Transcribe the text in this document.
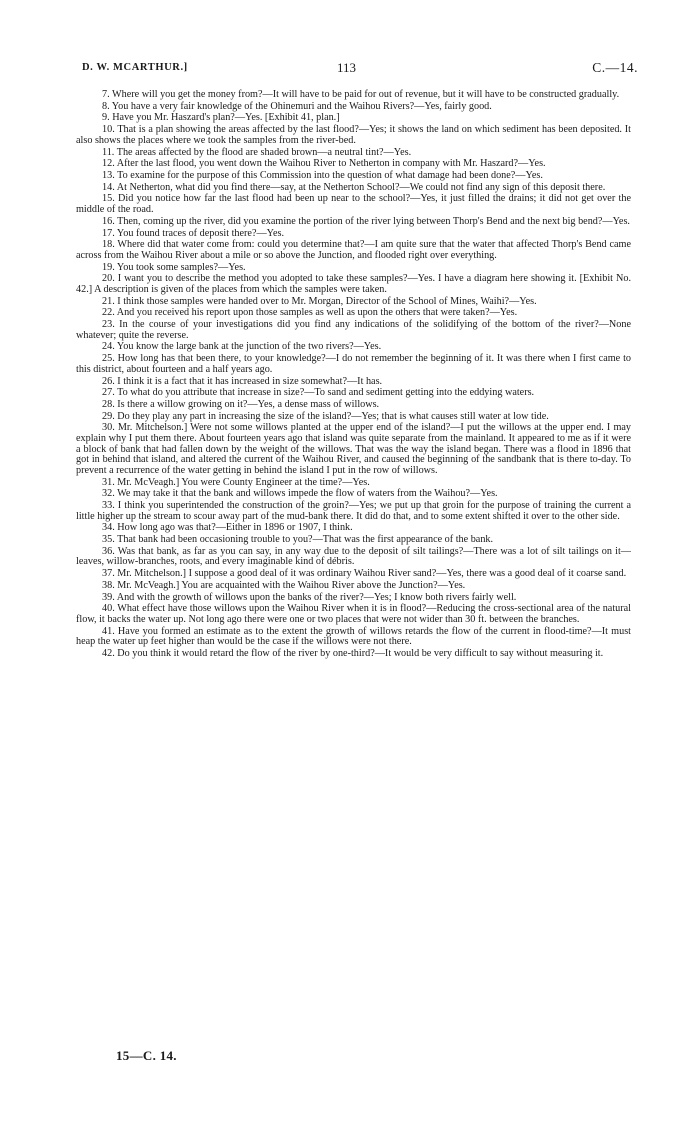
D. W. MCARTHUR.]	113	C.—14.

7. Where will you get the money from?—It will have to be paid for out of revenue, but it will have to be constructed gradually.

8. You have a very fair knowledge of the Ohinemuri and the Waihou Rivers?—Yes, fairly good.

9. Have you Mr. Haszard's plan?—Yes. [Exhibit 41, plan.]

10. That is a plan showing the areas affected by the last flood?—Yes; it shows the land on which sediment has been deposited. It also shows the places where we took the samples from the river-bed.

11. The areas affected by the flood are shaded brown—a neutral tint?—Yes.

12. After the last flood, you went down the Waihou River to Netherton in company with Mr. Haszard?—Yes.

13. To examine for the purpose of this Commission into the question of what damage had been done?—Yes.

14. At Netherton, what did you find there—say, at the Netherton School?—We could not find any sign of this deposit there.

15. Did you notice how far the last flood had been up near to the school?—Yes, it just filled the drains; it did not get over the middle of the road.

16. Then, coming up the river, did you examine the portion of the river lying between Thorp's Bend and the next big bend?—Yes.

17. You found traces of deposit there?—Yes.

18. Where did that water come from: could you determine that?—I am quite sure that the water that affected Thorp's Bend came across from the Waihou River about a mile or so above the Junction, and flooded right over everything.

19. You took some samples?—Yes.

20. I want you to describe the method you adopted to take these samples?—Yes. I have a diagram here showing it. [Exhibit No. 42.] A description is given of the places from which the samples were taken.

21. I think those samples were handed over to Mr. Morgan, Director of the School of Mines, Waihi?—Yes.

22. And you received his report upon those samples as well as upon the others that were taken?—Yes.

23. In the course of your investigations did you find any indications of the solidifying of the bottom of the river?—None whatever; quite the reverse.

24. You know the large bank at the junction of the two rivers?—Yes.

25. How long has that been there, to your knowledge?—I do not remember the beginning of it. It was there when I first came to this district, about fourteen and a half years ago.

26. I think it is a fact that it has increased in size somewhat?—It has.

27. To what do you attribute that increase in size?—To sand and sediment getting into the eddying waters.

28. Is there a willow growing on it?—Yes, a dense mass of willows.

29. Do they play any part in increasing the size of the island?—Yes; that is what causes still water at low tide.

30. Mr. Mitchelson.] Were not some willows planted at the upper end of the island?—I put the willows at the upper end. I may explain why I put them there. About fourteen years ago that island was quite separate from the mainland. It appeared to me as if it were a block of bank that had fallen down by the weight of the willows. That was the way the island began. There was a flood in 1896 that got in behind that island, and altered the current of the Waihou River, and caused the beginning of the sandbank that is there to-day. To prevent a recurrence of the water getting in behind the island I put in the row of willows.

31. Mr. McVeagh.] You were County Engineer at the time?—Yes.

32. We may take it that the bank and willows impede the flow of waters from the Waihou?—Yes.

33. I think you superintended the construction of the groin?—Yes; we put up that groin for the purpose of training the current a little higher up the stream to scour away part of the mud-bank there. It did do that, and to some extent shifted it over to the other side.

34. How long ago was that?—Either in 1896 or 1907, I think.

35. That bank had been occasioning trouble to you?—That was the first appearance of the bank.

36. Was that bank, as far as you can say, in any way due to the deposit of silt tailings?—There was a lot of silt tailings on it—leaves, willow-branches, roots, and every imaginable kind of débris.

37. Mr. Mitchelson.] I suppose a good deal of it was ordinary Waihou River sand?—Yes, there was a good deal of it coarse sand.

38. Mr. McVeagh.] You are acquainted with the Waihou River above the Junction?—Yes.

39. And with the growth of willows upon the banks of the river?—Yes; I know both rivers fairly well.

40. What effect have those willows upon the Waihou River when it is in flood?—Reducing the cross-sectional area of the natural flow, it backs the water up. Not long ago there were one or two places that were not wider than 30 ft. between the branches.

41. Have you formed an estimate as to the extent the growth of willows retards the flow of the current in flood-time?—It must heap the water up feet higher than would be the case if the willows were not there.

42. Do you think it would retard the flow of the river by one-third?—It would be very difficult to say without measuring it.

15—C. 14.
